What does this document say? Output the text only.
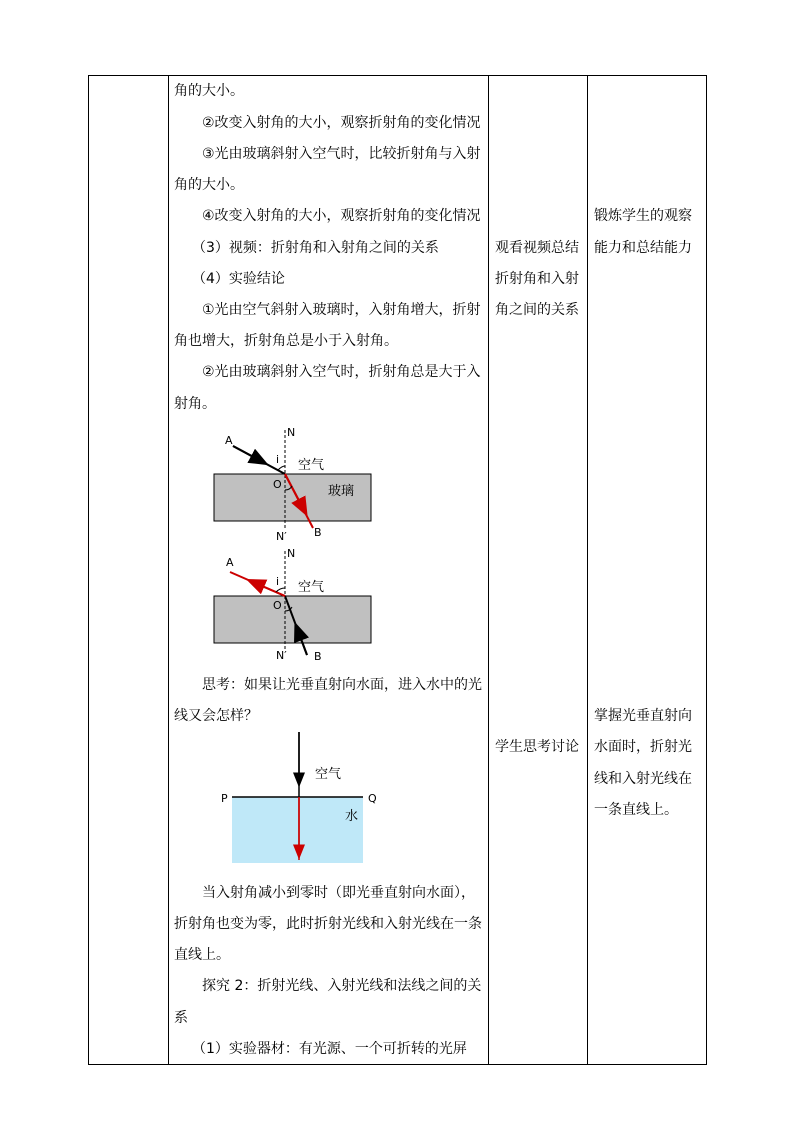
角的大小。
②改变入射角的大小，观察折射角的变化情况
③光由玻璃斜射入空气时，比较折射角与入射
角的大小。
④改变入射角的大小，观察折射角的变化情况
（3）视频：折射角和入射角之间的关系
（4）实验结论
①光由空气斜射入玻璃时，入射角增大，折射
角也增大，折射角总是小于入射角。
②光由玻璃斜射入空气时，折射角总是大于入
射角。
A
N
i 空气
O	玻璃
N′ B
A
N
i 空气
O
N′ B
思考：如果让光垂直射向水面，进入水中的光
线又会怎样？
空气
P	Q
水
当入射角减小到零时（即光垂直射向水面），
折射角也变为零，此时折射光线和入射光线在一条
直线上。
探究 2：折射光线、入射光线和法线之间的关
系
（1）实验器材：有光源、一个可折转的光屏
观看视频总结
折射角和入射
角之间的关系
学生思考讨论
锻炼学生的观察
能力和总结能力
掌握光垂直射向
水面时，折射光
线和入射光线在
一条直线上。
